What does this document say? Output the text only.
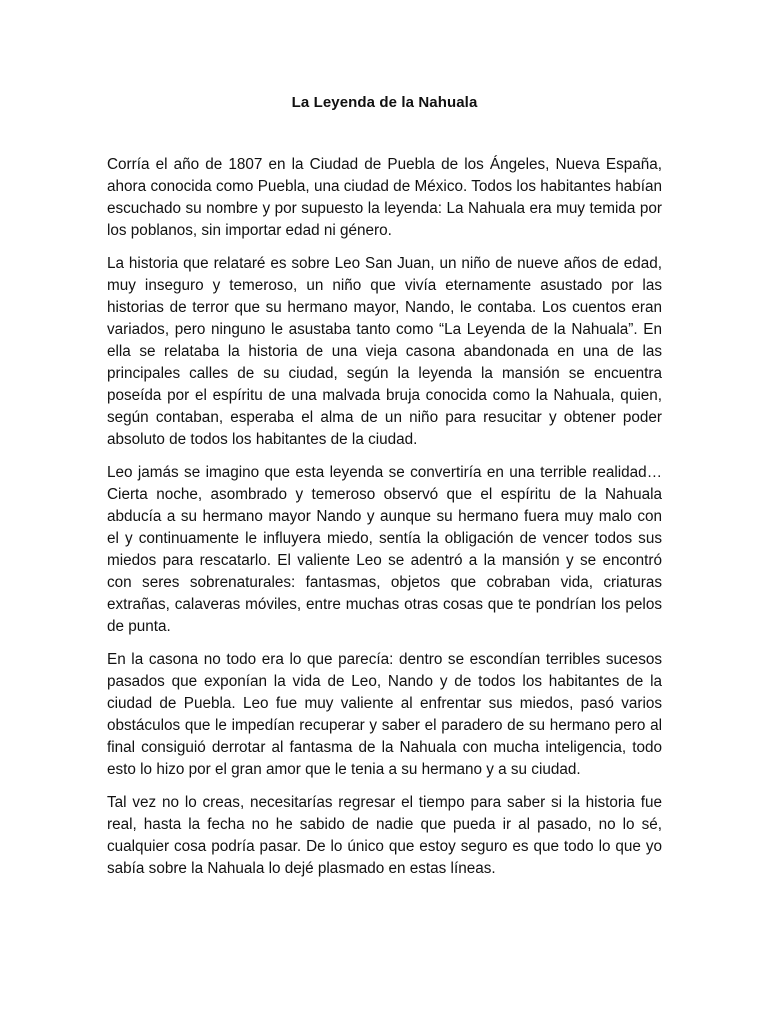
La Leyenda de la Nahuala

Corría el año de 1807 en la Ciudad de Puebla de los Ángeles, Nueva España, ahora conocida como Puebla, una ciudad de México. Todos los habitantes habían escuchado su nombre y por supuesto la leyenda: La Nahuala era muy temida por los poblanos, sin importar edad ni género.

La historia que relataré es sobre Leo San Juan, un niño de nueve años de edad, muy inseguro y temeroso, un niño que vivía eternamente asustado por las historias de terror que su hermano mayor, Nando, le contaba. Los cuentos eran variados, pero ninguno le asustaba tanto como “La Leyenda de la Nahuala”. En ella se relataba la historia de una vieja casona abandonada en una de las principales calles de su ciudad, según la leyenda la mansión se encuentra poseída por el espíritu de una malvada bruja conocida como la Nahuala, quien, según contaban, esperaba el alma de un niño para resucitar y obtener poder absoluto de todos los habitantes de la ciudad.

Leo jamás se imagino que esta leyenda se convertiría en una terrible realidad… Cierta noche, asombrado y temeroso observó que el espíritu de la Nahuala abducía a su hermano mayor Nando y aunque su hermano fuera muy malo con el y continuamente le influyera miedo, sentía la obligación de vencer todos sus miedos para rescatarlo. El valiente Leo se adentró a la mansión y se encontró con seres sobrenaturales: fantasmas, objetos que cobraban vida, criaturas extrañas, calaveras móviles, entre muchas otras cosas que te pondrían los pelos de punta.

En la casona no todo era lo que parecía: dentro se escondían terribles sucesos pasados que exponían la vida de Leo, Nando y de todos los habitantes de la ciudad de Puebla. Leo fue muy valiente al enfrentar sus miedos, pasó varios obstáculos que le impedían recuperar y saber el paradero de su hermano pero al final consiguió derrotar al fantasma de la Nahuala con mucha inteligencia, todo esto lo hizo por el gran amor que le tenia a su hermano y a su ciudad.

Tal vez no lo creas, necesitarías regresar el tiempo para saber si la historia fue real, hasta la fecha no he sabido de nadie que pueda ir al pasado, no lo sé, cualquier cosa podría pasar. De lo único que estoy seguro es que todo lo que yo sabía sobre la Nahuala lo dejé plasmado en estas líneas.
